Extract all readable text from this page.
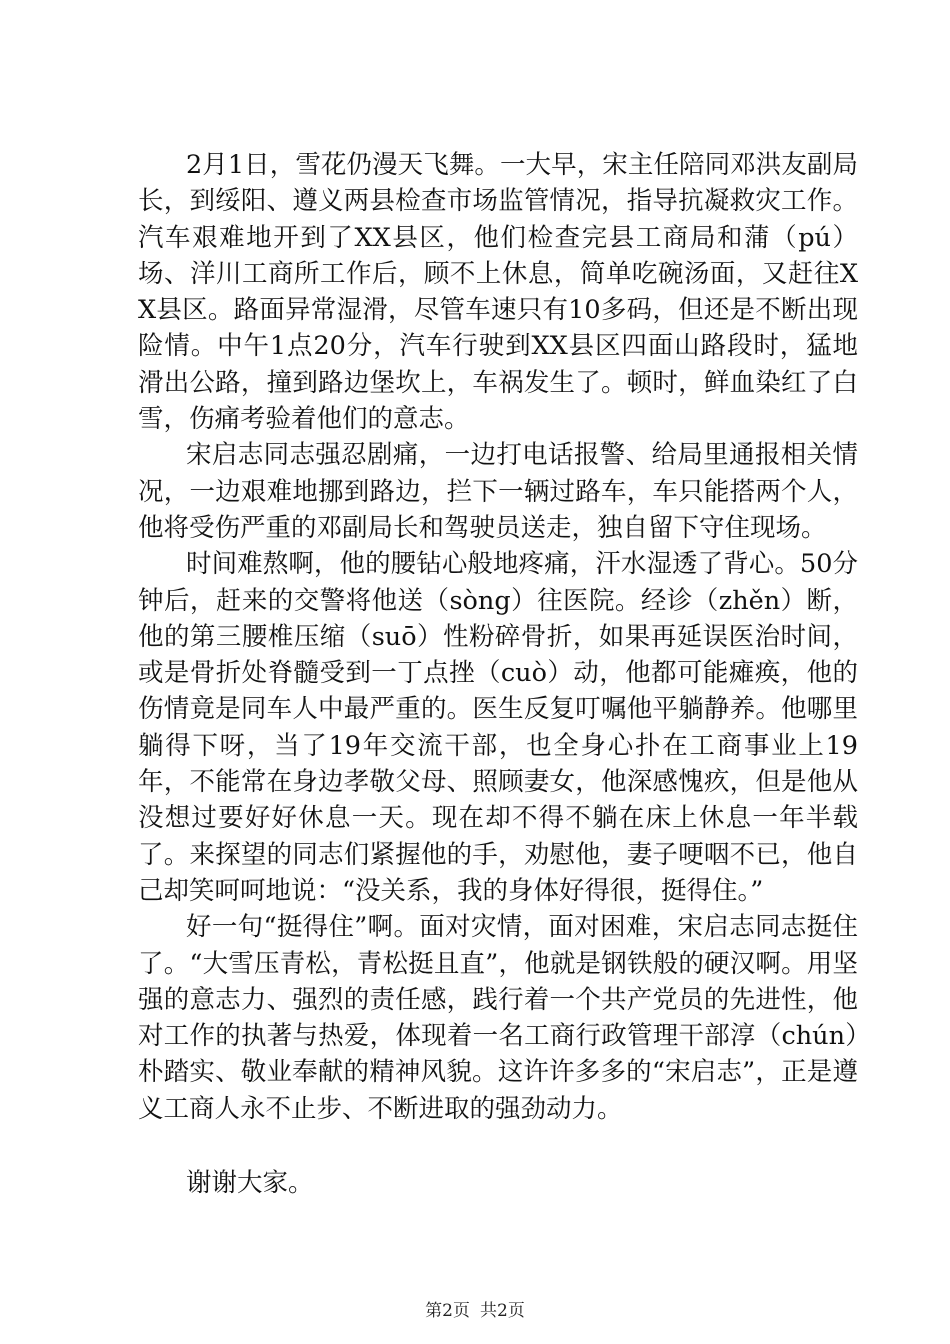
2月1日，雪花仍漫天飞舞。一大早，宋主任陪同邓洪友副局长，到绥阳、遵义两县检查市场监管情况，指导抗凝救灾工作。汽车艰难地开到了XX县区，他们检查完县工商局和蒲（pú）场、洋川工商所工作后，顾不上休息，简单吃碗汤面，又赶往XX县区。路面异常湿滑，尽管车速只有10多码，但还是不断出现险情。中午1点20分，汽车行驶到XX县区四面山路段时，猛地滑出公路，撞到路边堡坎上，车祸发生了。顿时，鲜血染红了白雪，伤痛考验着他们的意志。

宋启志同志强忍剧痛，一边打电话报警、给局里通报相关情况，一边艰难地挪到路边，拦下一辆过路车，车只能搭两个人，他将受伤严重的邓副局长和驾驶员送走，独自留下守住现场。

时间难熬啊，他的腰钻心般地疼痛，汗水湿透了背心。50分钟后，赶来的交警将他送（sòng）往医院。经诊（zhěn）断，他的第三腰椎压缩（suō）性粉碎骨折，如果再延误医治时间，或是骨折处脊髓受到一丁点挫（cuò）动，他都可能瘫痪，他的伤情竟是同车人中最严重的。医生反复叮嘱他平躺静养。他哪里躺得下呀，当了19年交流干部，也全身心扑在工商事业上19年，不能常在身边孝敬父母、照顾妻女，他深感愧疚，但是他从没想过要好好休息一天。现在却不得不躺在床上休息一年半载了。来探望的同志们紧握他的手，劝慰他，妻子哽咽不已，他自己却笑呵呵地说：“没关系，我的身体好得很，挺得住。”

好一句“挺得住”啊。面对灾情，面对困难，宋启志同志挺住了。“大雪压青松，青松挺且直”，他就是钢铁般的硬汉啊。用坚强的意志力、强烈的责任感，践行着一个共产党员的先进性，他对工作的执著与热爱，体现着一名工商行政管理干部淳（chún）朴踏实、敬业奉献的精神风貌。这许许多多的“宋启志”，正是遵义工商人永不止步、不断进取的强劲动力。

谢谢大家。

第2页 共2页
